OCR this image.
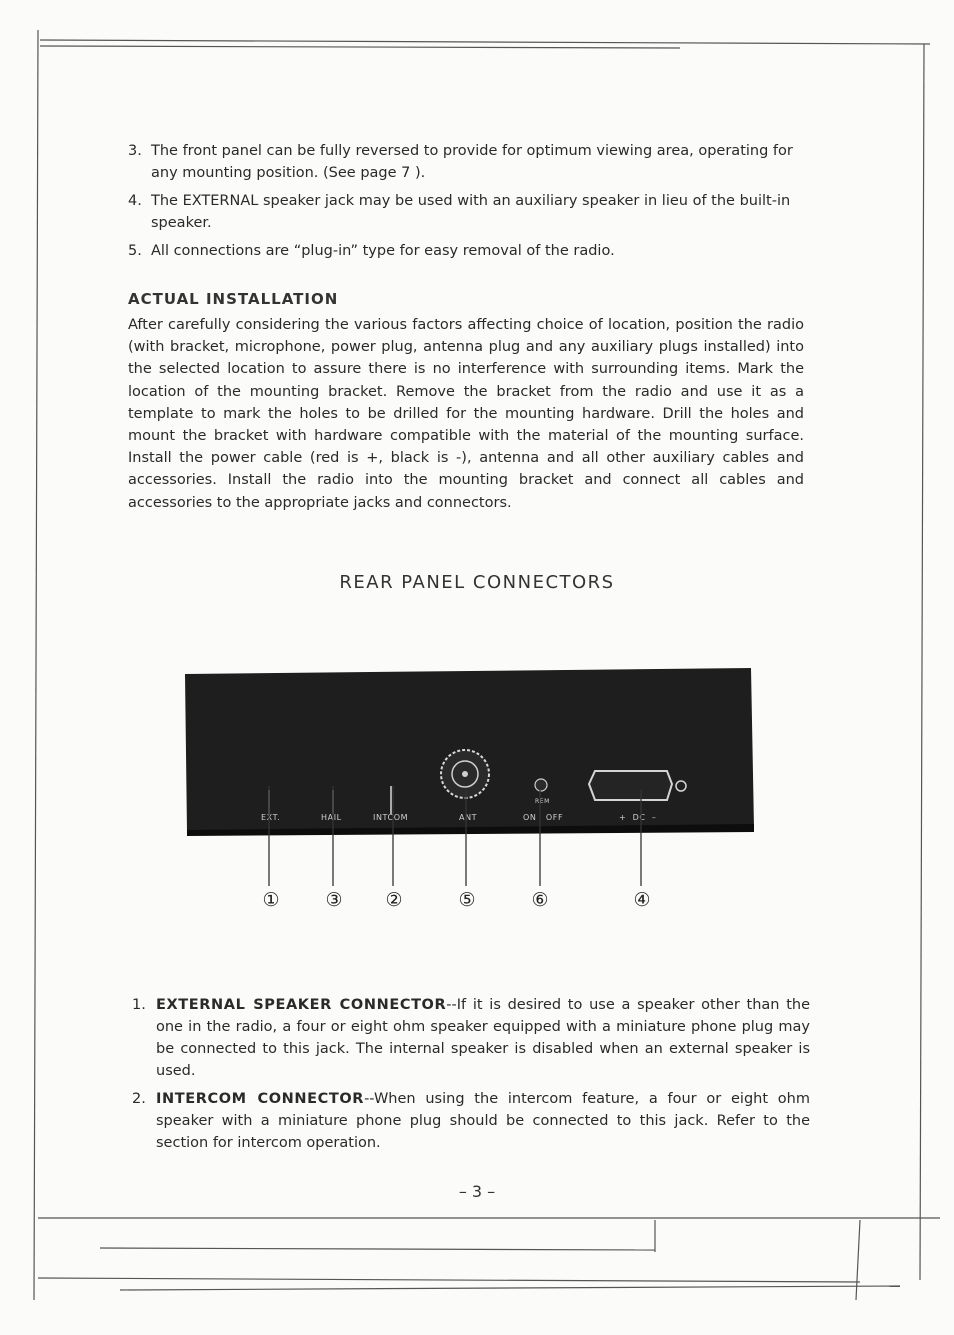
3. The front panel can be fully reversed to provide for optimum viewing area, operating for any mounting position. (See page 7 ).
4. The EXTERNAL speaker jack may be used with an auxiliary speaker in lieu of the built-in speaker.
5. All connections are “plug-in” type for easy removal of the radio.
ACTUAL INSTALLATION

After carefully considering the various factors affecting choice of location, position the radio (with bracket, microphone, power plug, antenna plug and any auxiliary plugs installed) into the selected location to assure there is no interference with surrounding items. Mark the location of the mounting bracket. Remove the bracket from the radio and use it as a template to mark the holes to be drilled for the mounting hardware. Drill the holes and mount the bracket with hardware compatible with the material of the mounting surface. Install the power cable (red is +, black is -), antenna and all other auxiliary cables and accessories. Install the radio into the mounting bracket and connect all cables and accessories to the appropriate jacks and connectors.

REAR PANEL CONNECTORS
EXT.	HAIL	INTCOM	ANT
REM
ON   OFF	+  DC  –
① ③ ②	⑤	⑥	④
1. EXTERNAL SPEAKER CONNECTOR--If it is desired to use a speaker other than the one in the radio, a four or eight ohm speaker equipped with a miniature phone plug may be connected to this jack. The internal speaker is disabled when an external speaker is used.
2. INTERCOM CONNECTOR--When using the intercom feature, a four or eight ohm speaker with a miniature phone plug should be connected to this jack. Refer to the section for intercom operation.
– 3 –
